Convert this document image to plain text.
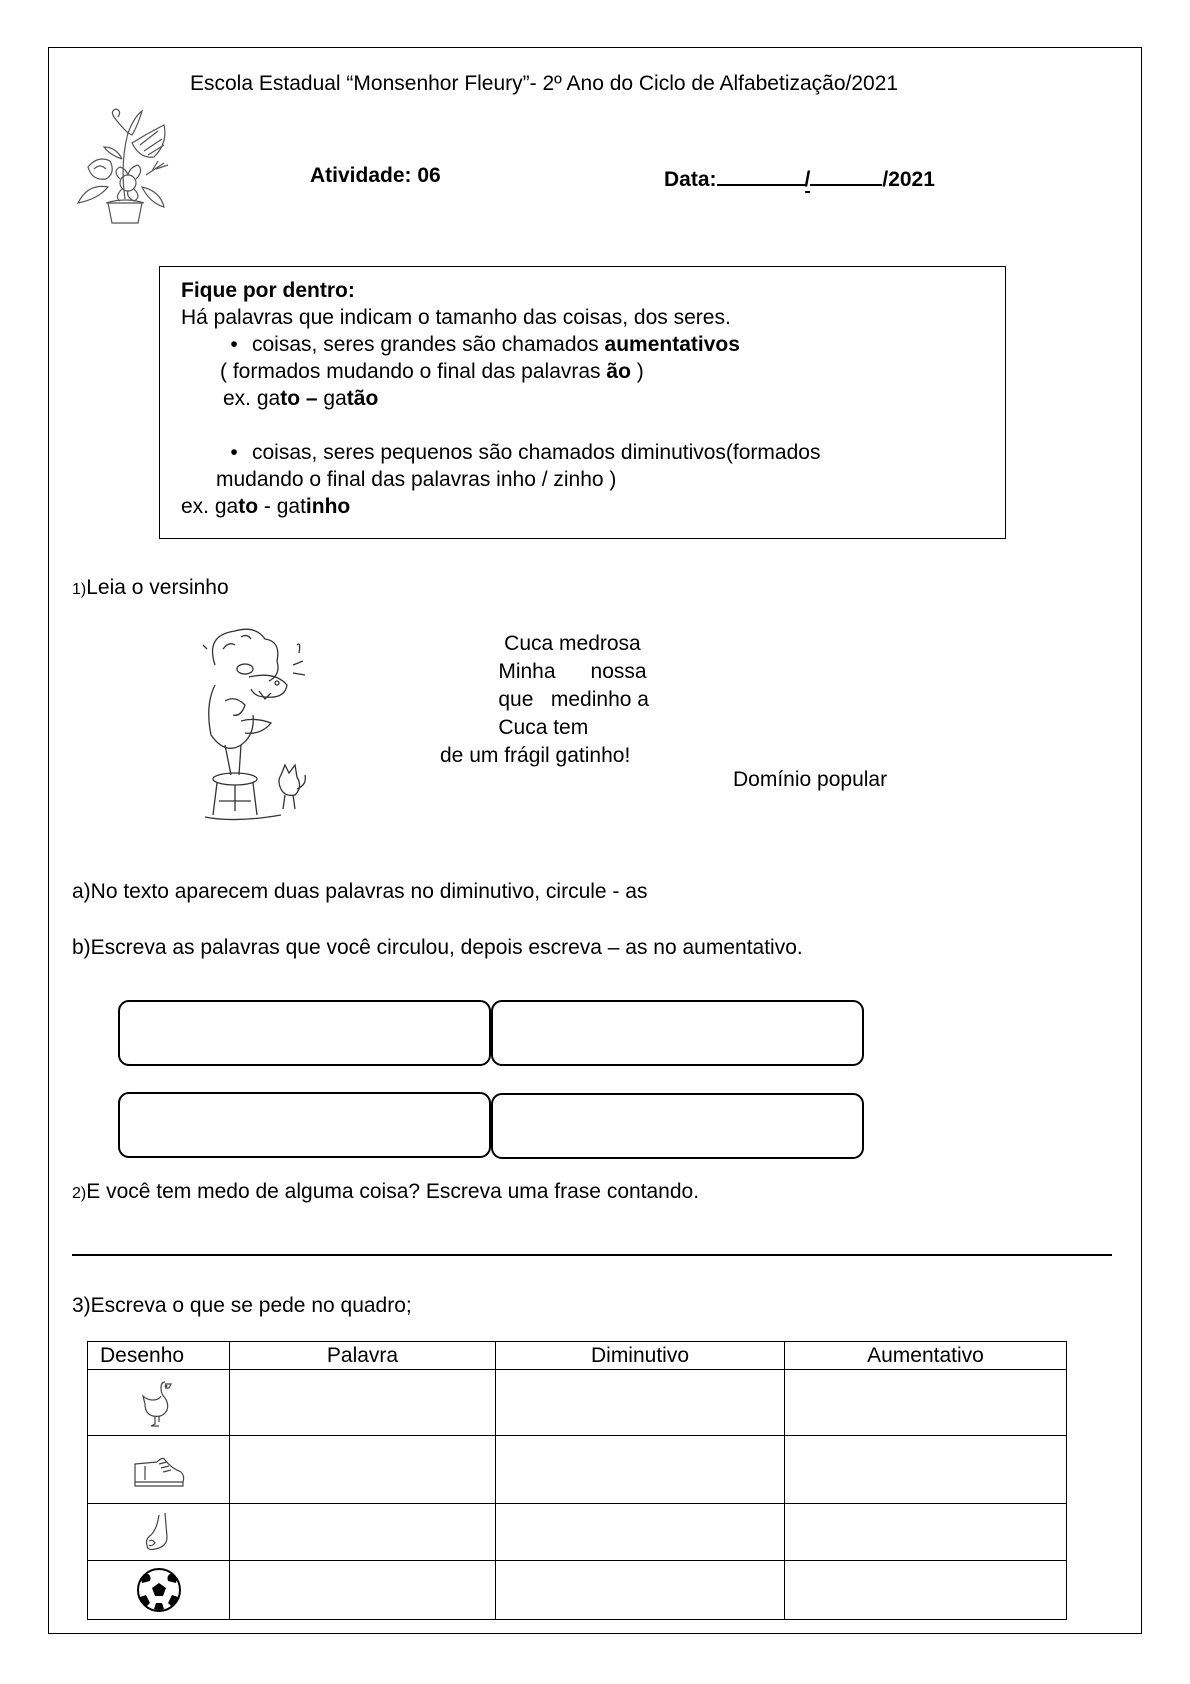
Escola Estadual “Monsenhor Fleury”- 2º Ano do Ciclo de Alfabetização/2021
Atividade: 06	Data:	/	/2021
Fique por dentro:
Há palavras que indicam o tamanho das coisas, dos seres.
• coisas, seres grandes são chamados aumentativos
( formados mudando o final das palavras ão )
ex. gato – gatão
• coisas, seres pequenos são chamados diminutivos(formados
mudando o final das palavras inho / zinho )
ex. gato - gatinho
1)Leia o versinho
Cuca medrosa
Minha      nossa
que   medinho a
Cuca tem
de um frágil gatinho!
Domínio popular
a)No texto aparecem duas palavras no diminutivo, circule - as
b)Escreva as palavras que você circulou, depois escreva – as no aumentativo.
2)E você tem medo de alguma coisa? Escreva uma frase contando.
3)Escreva o que se pede no quadro;
Desenho	Palavra	Diminutivo	Aumentativo
